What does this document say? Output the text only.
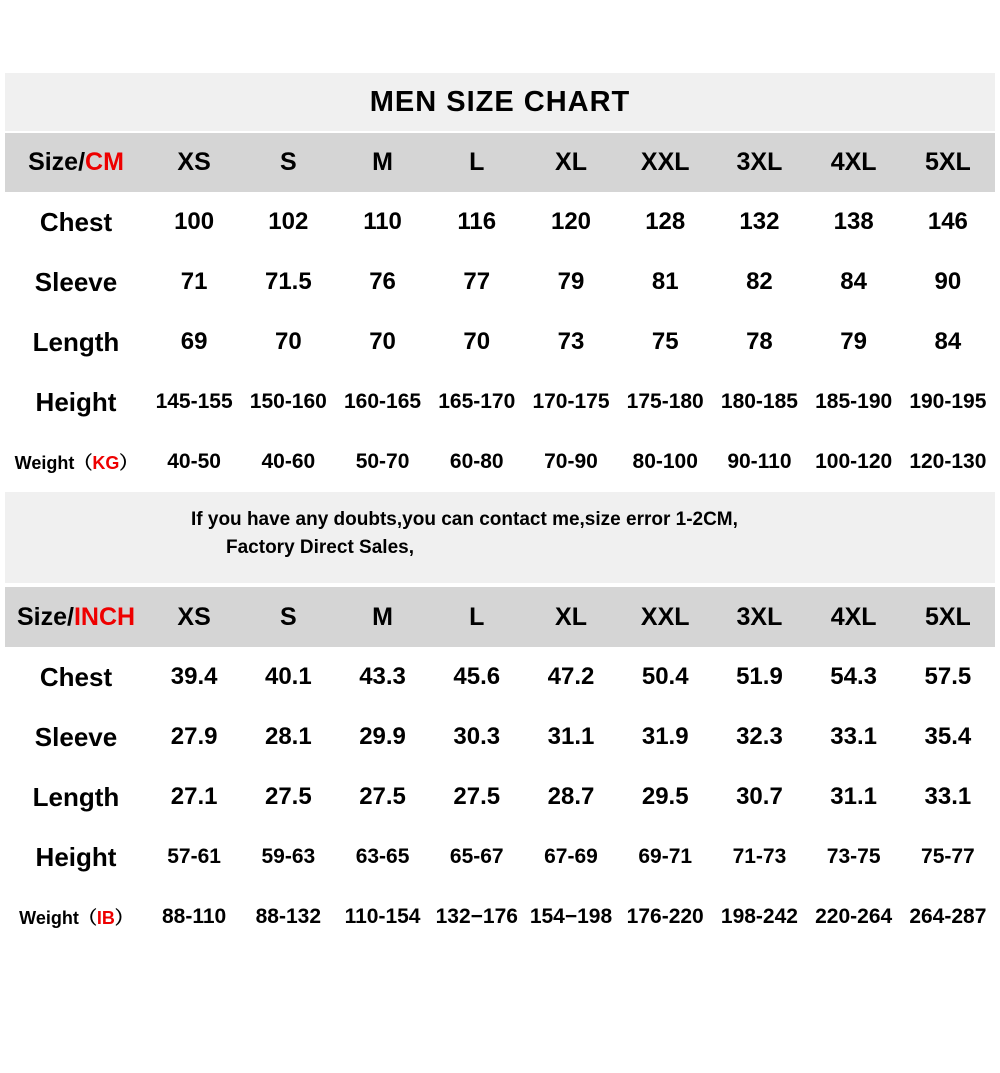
MEN SIZE CHART
Size/CM	XS	S	M	L	XL	XXL	3XL	4XL	5XL
Chest	100	102	110	116	120	128	132	138	146
Sleeve	71	71.5	76	77	79	81	82	84	90
Length	69	70	70	70	73	75	78	79	84
Height	145-155 150-160 160-165 165-170 170-175 175-180 180-185 185-190 190-195
Weight（KG）	40-50	40-60	50-70	60-80	70-90	80-100	90-110	100-120 120-130
If you have any doubts,you can contact me,size error 1-2CM,
Factory Direct Sales,
Size/INCH	XS	S	M	L	XL	XXL	3XL	4XL	5XL
Chest	39.4	40.1	43.3	45.6	47.2	50.4	51.9	54.3	57.5
Sleeve	27.9	28.1	29.9	30.3	31.1	31.9	32.3	33.1	35.4
Length	27.1	27.5	27.5	27.5	28.7	29.5	30.7	31.1	33.1
Height	57-61	59-63	63-65	65-67	67-69	69-71	71-73	73-75	75-77
Weight（IB）	88-110	88-132	110-154 132−176 154−198 176-220 198-242 220-264 264-287
